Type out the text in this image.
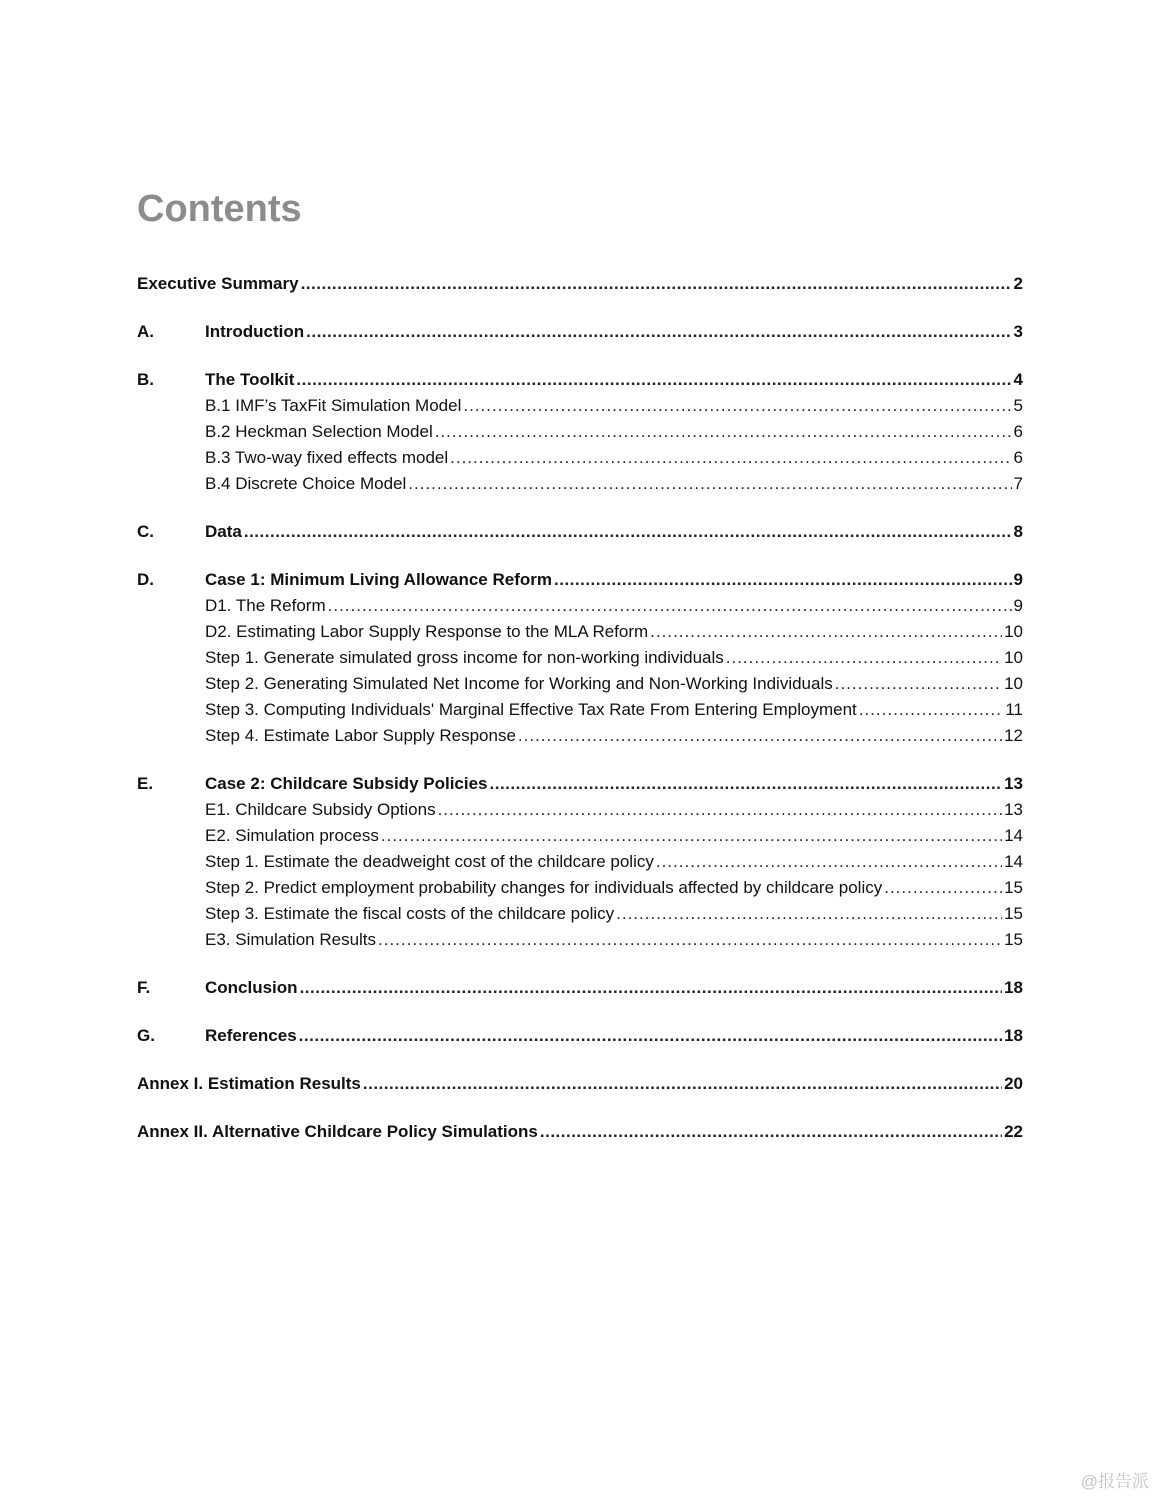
Contents
Executive Summary .....	2
A.	Introduction .....	3
B.	The Toolkit .....	4
B.1 IMF’s TaxFit Simulation Model .....	5
B.2 Heckman Selection Model .....	6
B.3 Two-way fixed effects model .....	6
B.4 Discrete Choice Model .....	7
C.	Data .....	8
D.	Case 1: Minimum Living Allowance Reform .....	9
D1. The Reform .....	9
D2. Estimating Labor Supply Response to the MLA Reform .....	10
Step 1. Generate simulated gross income for non-working individuals .....	10
Step 2. Generating Simulated Net Income for Working and Non-Working Individuals .....	10
Step 3. Computing Individuals' Marginal Effective Tax Rate From Entering Employment .....	11
Step 4. Estimate Labor Supply Response .....	12
E.	Case 2: Childcare Subsidy Policies .....	13
E1. Childcare Subsidy Options .....	13
E2. Simulation process .....	14
Step 1. Estimate the deadweight cost of the childcare policy .....	14
Step 2. Predict employment probability changes for individuals affected by childcare policy .....	15
Step 3. Estimate the fiscal costs of the childcare policy .....	15
E3. Simulation Results .....	15
F.	Conclusion .....	18
G.	References .....	18
Annex I. Estimation Results .....	20
Annex II. Alternative Childcare Policy Simulations .....	22
@报告派
